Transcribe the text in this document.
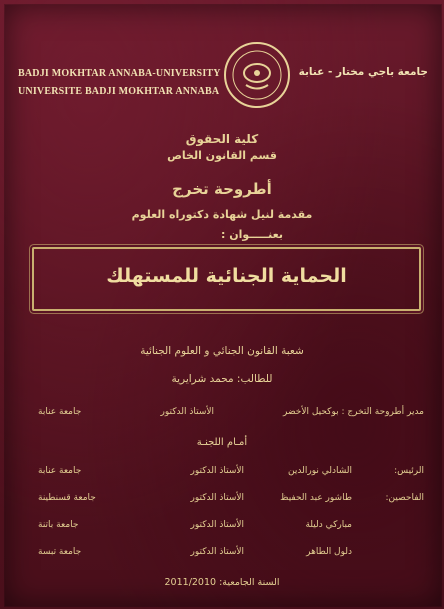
BADJI MOKHTAR ANNABA-UNIVERSITY
UNIVERSITE BADJI MOKHTAR ANNABA
جامعة باجي مختار - عنابة
كلية الحقوق
قسم القانون الخاص
أطروحة تخرج
مقدمة لنيل شهادة دكتوراه العلوم
بعنـــــوان :
الحماية الجنائية للمستهلك
شعبة القانون الجنائي و العلوم الجنائية
للطالب: محمد شرايرية
مدير أطروحة التخرج : بوكحيل الأخضر
الأستاذ الدكتور
جامعة عنابة
أمـام اللجنـة
الرئيس:
الشادلي نورالدين
الأستاذ الدكتور
جامعة عنابة
الفاحصين:
طاشور عبد الحفيظ
الأستاذ الدكتور
جامعة قسنطينة
مباركي دليلة
الأستاذ الدكتور
جامعة باتنة
دلول الطاهر
الأستاذ الدكتور
جامعة تبسة
السنة الجامعية: 2011/2010
